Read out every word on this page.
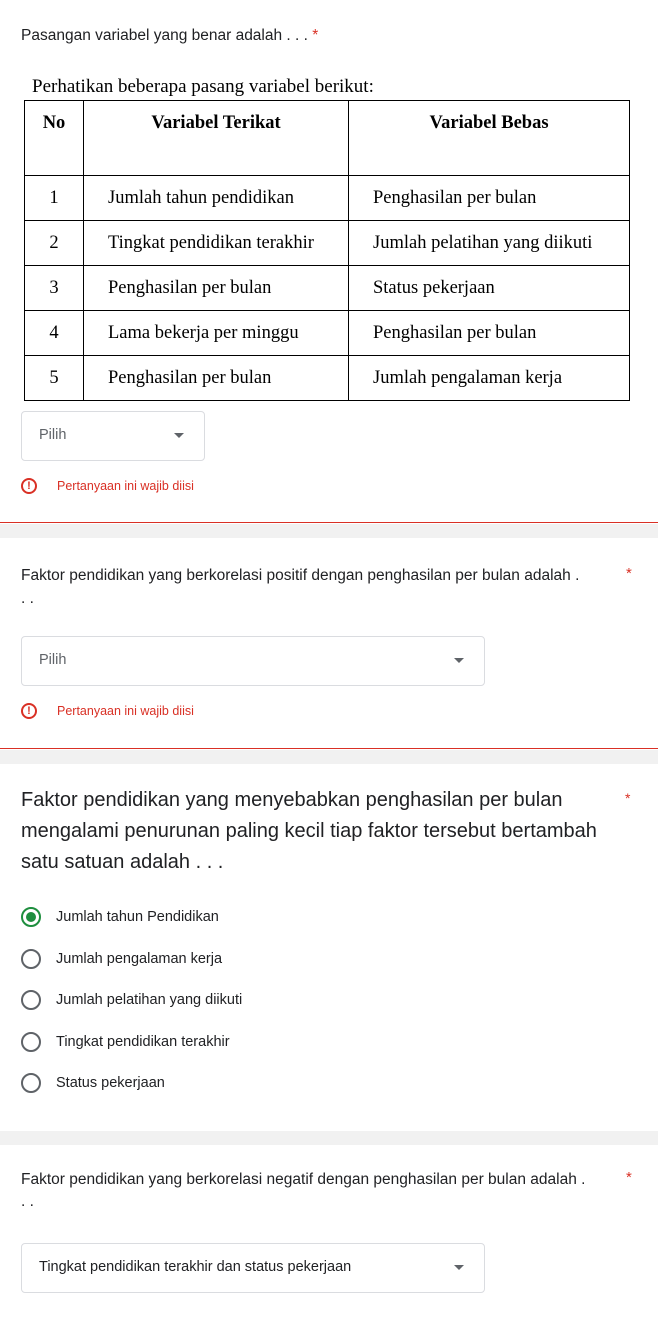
Pasangan variabel yang benar adalah . . . *
Perhatikan beberapa pasang variabel berikut:
No	Variabel Terikat	Variabel Bebas
1	Jumlah tahun pendidikan	Penghasilan per bulan
2	Tingkat pendidikan terakhir	Jumlah pelatihan yang diikuti
3	Penghasilan per bulan	Status pekerjaan
4	Lama bekerja per minggu	Penghasilan per bulan
5	Penghasilan per bulan	Jumlah pengalaman kerja
Pilih
!	Pertanyaan ini wajib diisi
Faktor pendidikan yang berkorelasi positif dengan penghasilan per bulan adalah .	*
. .
Pilih
!	Pertanyaan ini wajib diisi
Faktor pendidikan yang menyebabkan penghasilan per bulan mengalami penurunan paling kecil tiap faktor tersebut bertambah satu satuan adalah . . .
*
Jumlah tahun Pendidikan
Jumlah pengalaman kerja
Jumlah pelatihan yang diikuti
Tingkat pendidikan terakhir
Status pekerjaan
Faktor pendidikan yang berkorelasi negatif dengan penghasilan per bulan adalah .	*
. .
Tingkat pendidikan terakhir dan status pekerjaan
